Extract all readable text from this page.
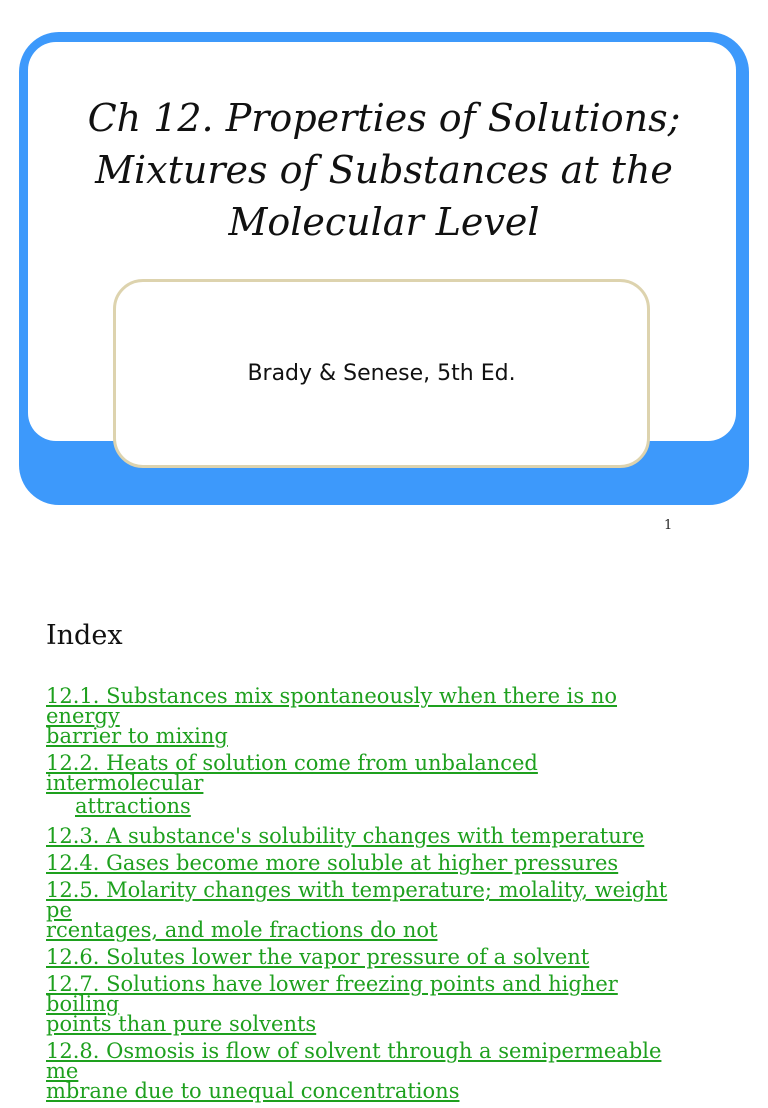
Ch 12. Properties of Solutions;
Mixtures of Substances at the
Molecular Level
Brady & Senese, 5th Ed.
1
Index
12.1. Substances mix spontaneously when there is no energy
barrier to mixing
12.2. Heats of solution come from unbalanced intermolecular
attractions
12.3. A substance's solubility changes with temperature
12.4. Gases become more soluble at higher pressures
12.5. Molarity changes with temperature; molality, weight pe
rcentages, and mole fractions do not
12.6. Solutes lower the vapor pressure of a solvent
12.7. Solutions have lower freezing points and higher boiling
points than pure solvents
12.8. Osmosis is flow of solvent through a semipermeable me
mbrane due to unequal concentrations
